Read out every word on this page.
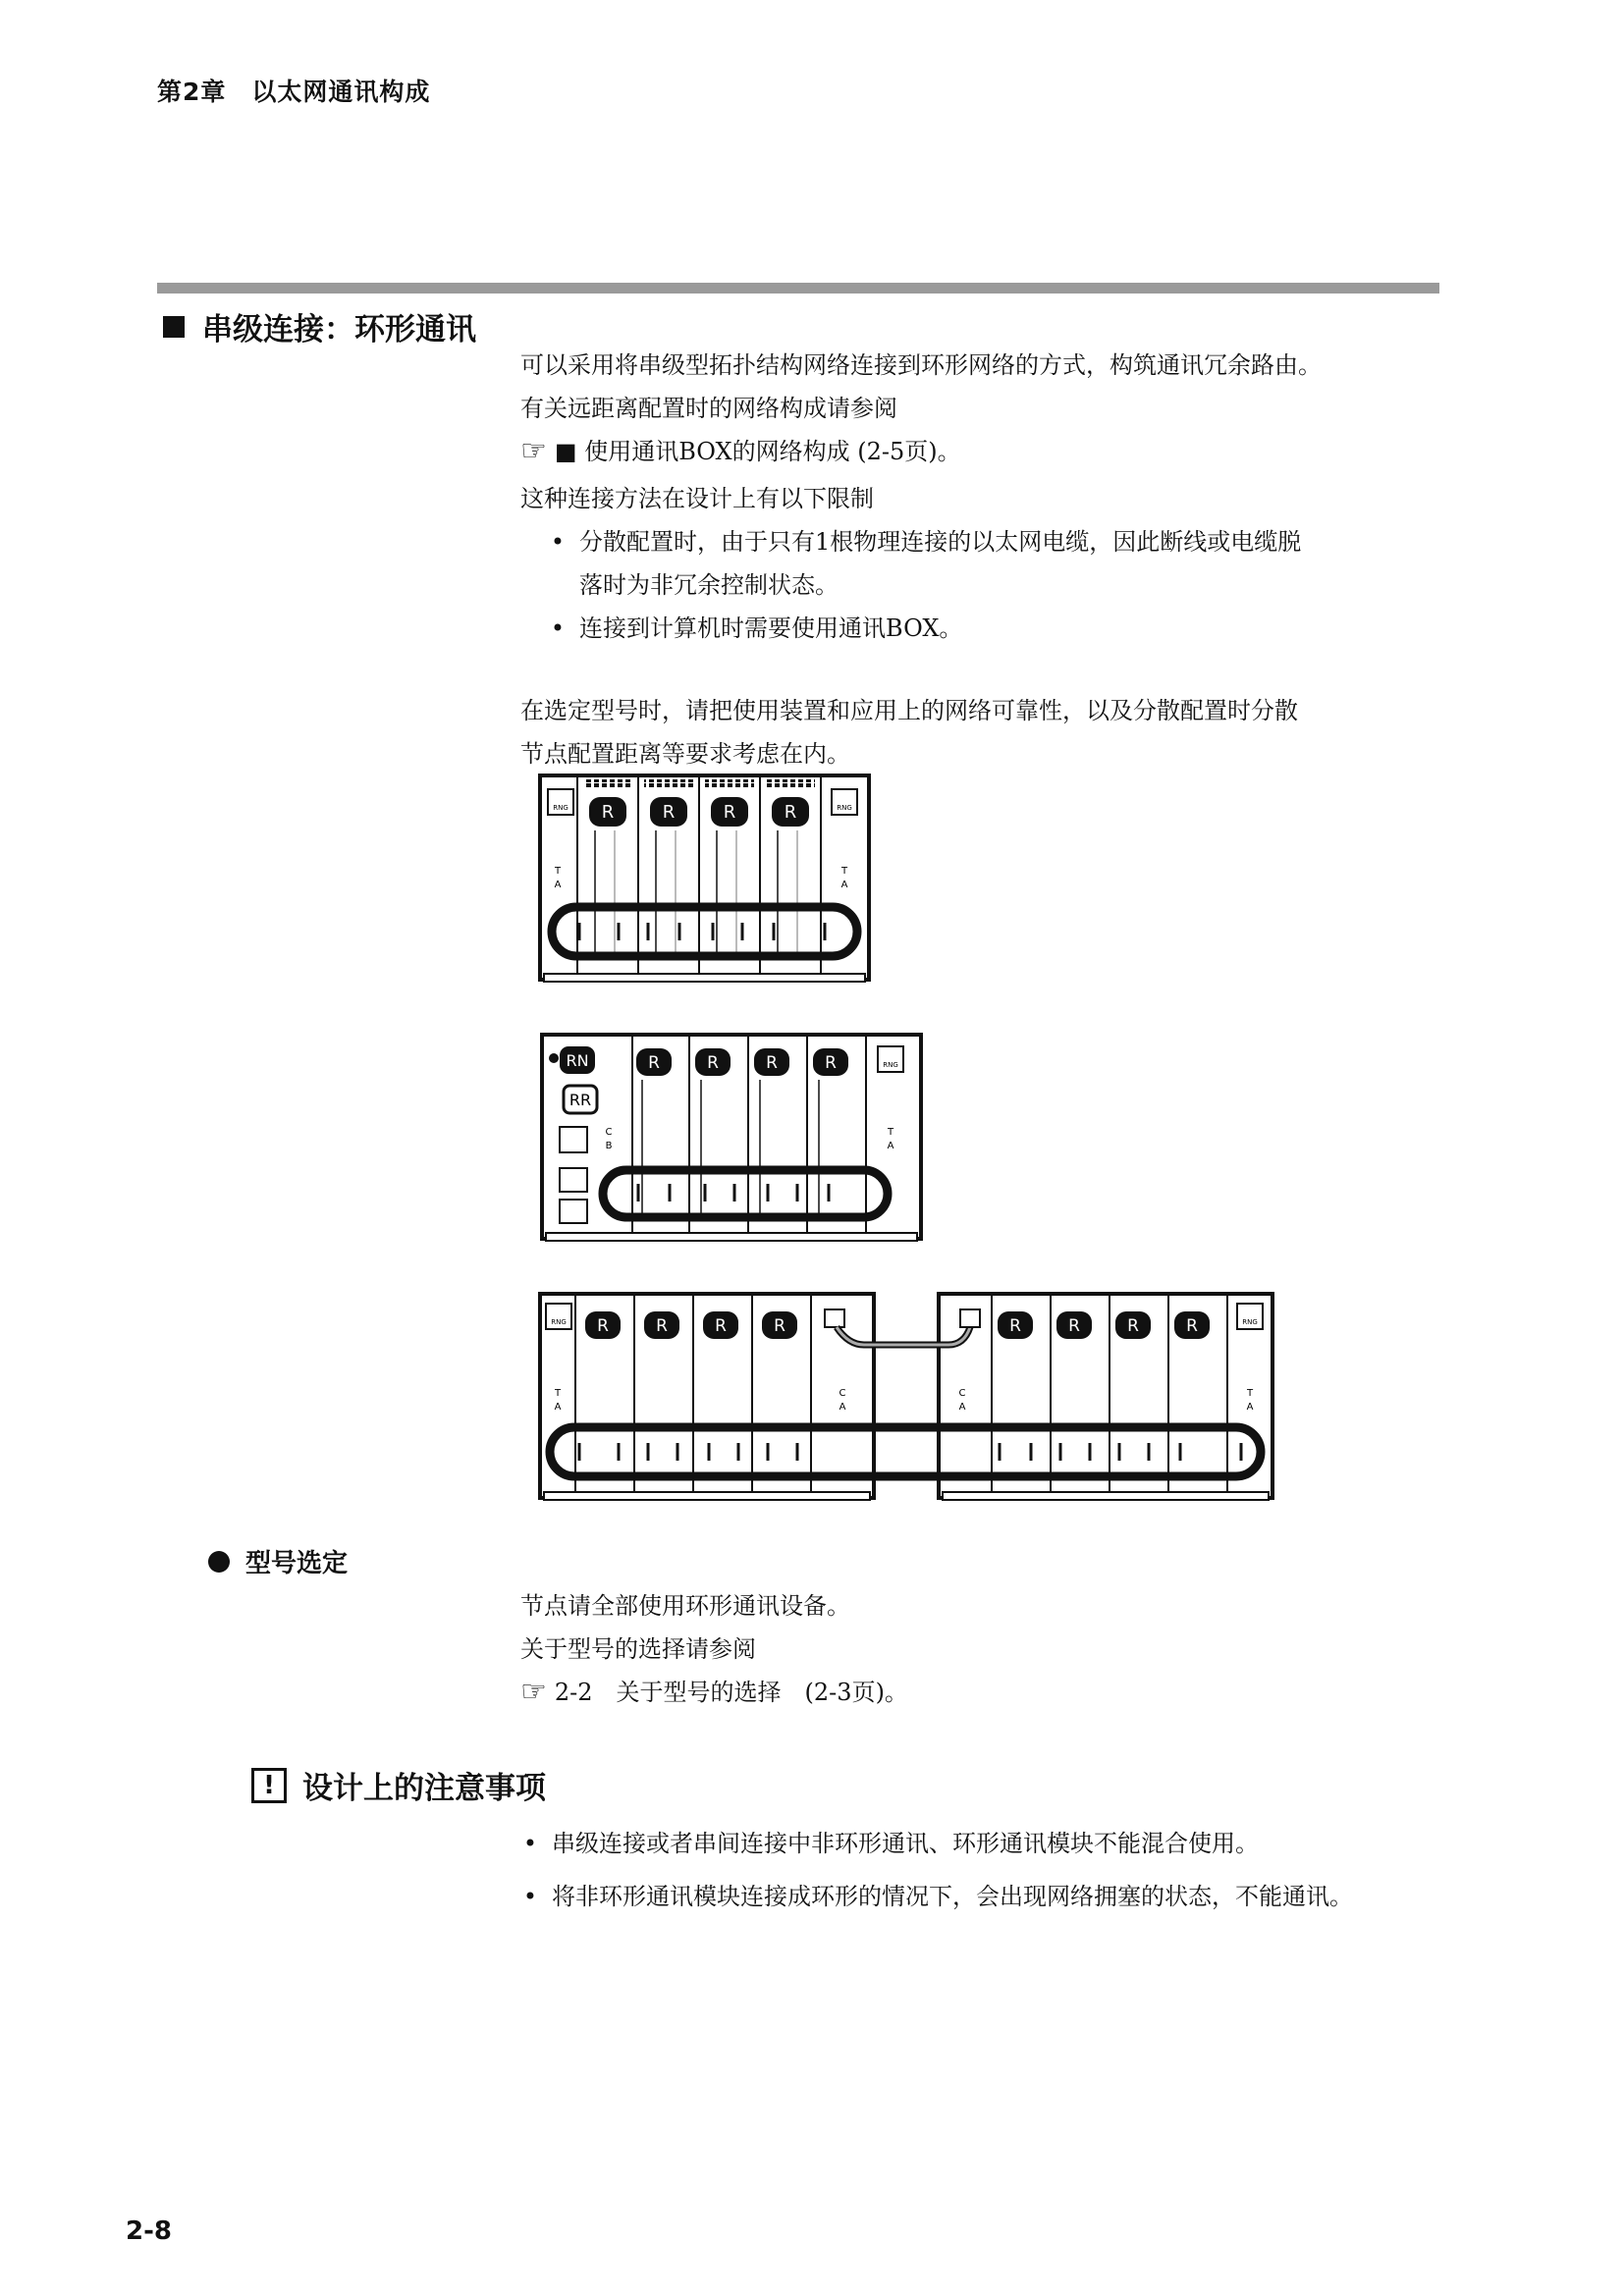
第2章　以太网通讯构成
串级连接：环形通讯
可以采用将串级型拓扑结构网络连接到环形网络的方式，构筑通讯冗余路由。
有关远距离配置时的网络构成请参阅
☞ ■ 使用通讯BOX的网络构成 (2-5页)。
这种连接方法在设计上有以下限制
• 分散配置时，由于只有1根物理连接的以太网电缆，因此断线或电缆脱
落时为非冗余控制状态。
• 连接到计算机时需要使用通讯BOX。
在选定型号时，请把使用装置和应用上的网络可靠性，以及分散配置时分散
节点配置距离等要求考虑在内。
RNG
T
A
R	R	R	R	RNG
T
A
RN
RR
C
B
R	R	R	R	RNG
T
A
RNG
T
A
R	R	R	R
C
A
C
A
R	R	R	R	RNG
T
A
型号选定
节点请全部使用环形通讯设备。
关于型号的选择请参阅
☞ 2-2　关于型号的选择　(2-3页)。
! 设计上的注意事项
• 串级连接或者串间连接中非环形通讯、环形通讯模块不能混合使用。
• 将非环形通讯模块连接成环形的情况下，会出现网络拥塞的状态，不能通讯。
2-8
